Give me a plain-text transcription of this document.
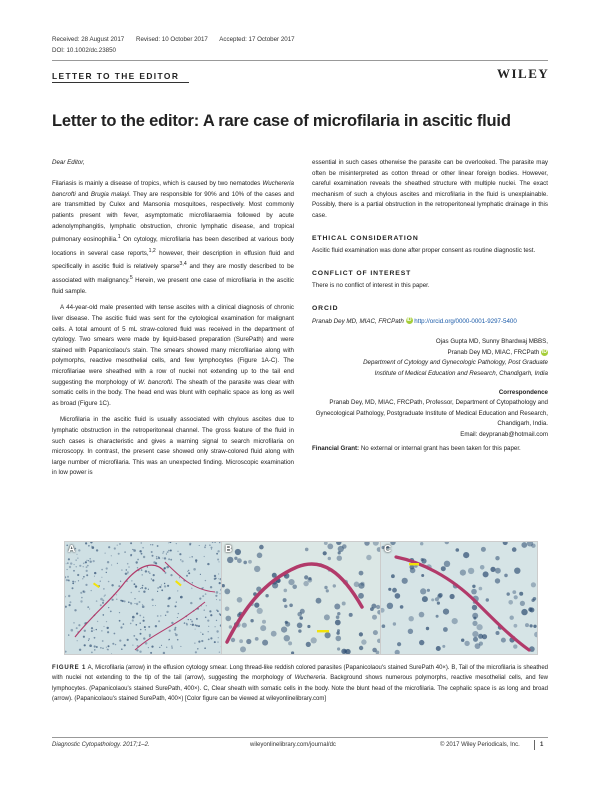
Received: 28 August 2017 Revised: 10 October 2017 Accepted: 17 October 2017
DOI: 10.1002/dc.23850
LETTER TO THE EDITOR	WILEY
Letter to the editor: A rare case of microfilaria in ascitic fluid

Dear Editor,

Filariasis is mainly a disease of tropics, which is caused by two nematodes Wuchereria bancrofti and Brugia malayi. They are responsible for 90% and 10% of the cases and are transmitted by Culex and Mansonia mosquitoes, respectively. Most commonly patients present with fever, asymptomatic microfilaraemia followed by acute adenolymphangitis, lymphatic obstruction, chronic lymphatic disease, and tropical pulmonary eosinophilia.$^1$ On cytology, microfilaria has been described at various body locations in several case reports,$^{1,2}$ however, their description in effusion fluid and specifically in ascitic fluid is relatively sparse$^{3,4}$ and they are mostly described to be associated with malignancy.$^5$ Herein, we present one case of microfilaria in the ascitic fluid sample.

A 44-year-old male presented with tense ascites with a clinical diagnosis of chronic liver disease. The ascitic fluid was sent for the cytological examination for malignant cells. A total amount of 5 mL straw-colored fluid was received in the department of cytology. Two smears were made by liquid-based preparation (SurePath) and were stained with Papanicolaou's stain. The smears showed many microfilariae along with polymorphs, reactive mesothelial cells, and few lymphocytes (Figure 1A-C). The microfilariae were sheathed with a row of nuclei not extending up to the tail end suggesting the morphology of W. bancrofti. The sheath of the parasite was clear with somatic cells in the body. The head end was blunt with cephalic space as long as well as broad (Figure 1C).

Microfilaria in the ascitic fluid is usually associated with chylous ascites due to lymphatic obstruction in the retroperitoneal channel. The gross feature of the fluid in such cases is characteristic and gives a warning signal to search microfilaria on microscopy. In contrast, the present case showed only straw-colored fluid along with large number of microfilaria. This was an unexpected finding. Microscopic examination in low power is

essential in such cases otherwise the parasite can be overlooked. The parasite may often be misinterpreted as cotton thread or other linear foreign bodies. However, careful examination reveals the sheathed structure with multiple nuclei. The exact mechanism of such a chylous ascites and microfilaria in the fluid is unexplainable. Possibly, there is a partial obstruction in the retroperitoneal lymphatic drainage in this case.

ETHICAL CONSIDERATION

Ascitic fluid examination was done after proper consent as routine diagnostic test.

CONFLICT OF INTEREST

There is no conflict of interest in this paper.

ORCID

Pranab Dey MD, MIAC, FRCPath iD http://orcid.org/0000-0001-9297-5400

Ojas Gupta MD, Sunny Bhardwaj MBBS,
Pranab Dey MD, MIAC, FRCPath iD
Department of Cytology and Gynecologic Pathology, Post Graduate
Institute of Medical Education and Research, Chandigarh, India
Correspondence
Pranab Dey, MD, MIAC, FRCPath, Professor, Department of Cytopathology and Gynecological Pathology, Postgraduate Institute of Medical Education and Research, Chandigarh, India.
Email: deypranab@hotmail.com
Financial Grant: No external or internal grant has been taken for this paper.
A	B	C
FIGURE 1 A, Microfilaria (arrow) in the effusion cytology smear. Long thread-like reddish colored parasites (Papanicolaou's stained SurePath 40×). B, Tail of the microfilaria is sheathed with nuclei not extending to the tip of the tail (arrow), suggesting the morphology of Wuchereria. Background shows numerous polymorphs, reactive mesothelial cells, and few lymphocytes. (Papanicolaou's stained SurePath, 400×). C, Clear sheath with somatic cells in the body. Note the blunt head of the microfilaria. The cephalic space is as long and broad (arrow). (Papanicolaou's stained SurePath, 400×) [Color figure can be viewed at wileyonlinelibrary.com]
Diagnostic Cytopathology. 2017;1–2.	wileyonlinelibrary.com/journal/dc	© 2017 Wiley Periodicals, Inc.	1
